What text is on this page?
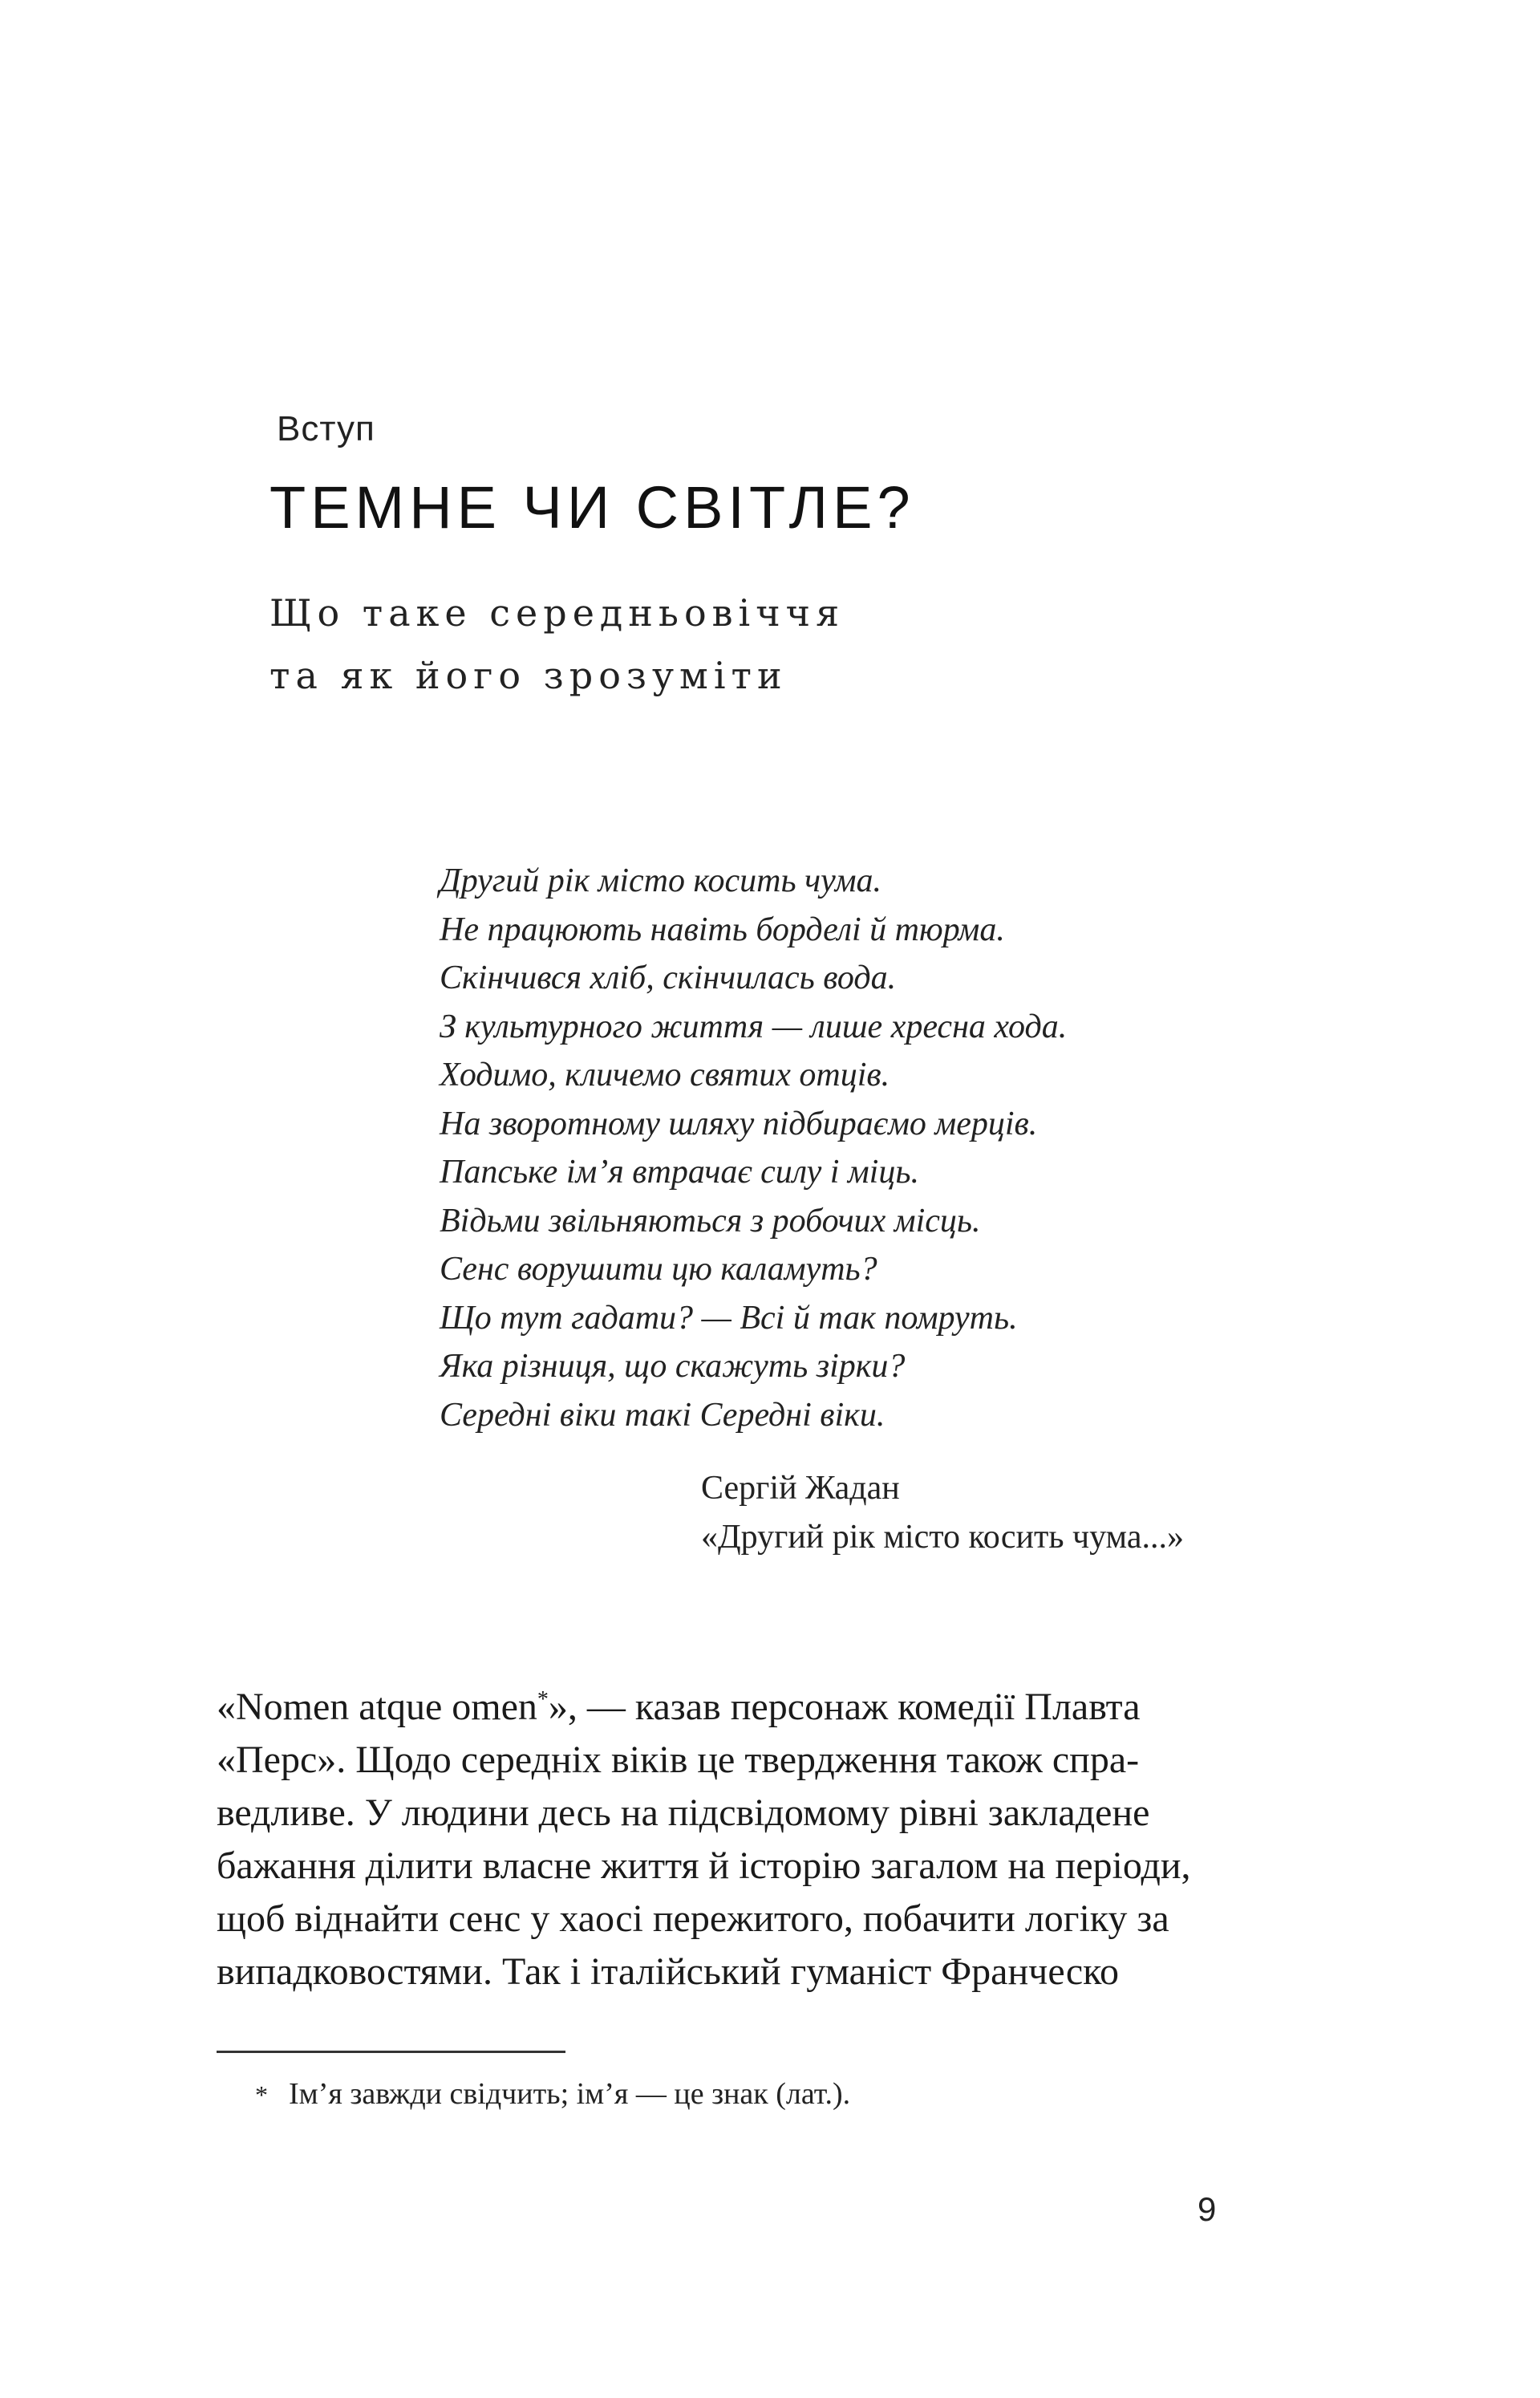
Вступ
ТЕМНЕ ЧИ СВІТЛЕ?
Що таке середньовіччя
та як його зрозуміти
Другий рік місто косить чума.
Не працюють навіть борделі й тюрма.
Скінчився хліб, скінчилась вода.
З культурного життя — лише хресна хода.
Ходимо, кличемо святих отців.
На зворотному шляху підбираємо мерців.
Папське ім’я втрачає силу і міць.
Відьми звільняються з робочих місць.
Сенс ворушити цю каламуть?
Що тут гадати? — Всі й так помруть.
Яка різниця, що скажуть зірки?
Середні віки такі Середні віки.
Сергій Жадан
«Другий рік місто косить чума...»
«Nomen atque omen*», — казав персонаж комедії Плавта
«Перс». Щодо середніх віків це твердження також спра-
ведливе. У людини десь на підсвідомому рівні закладене
бажання ділити власне життя й історію загалом на періоди,
щоб віднайти сенс у хаосі пережитого, побачити логіку за
випадковостями. Так і італійський гуманіст Франческо
* Ім’я завжди свідчить; ім’я — це знак (лат.).
9
